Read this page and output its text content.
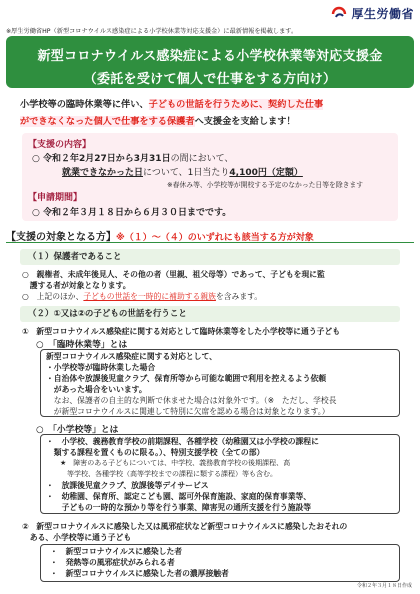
厚生労働省
※厚生労働省HP（新型コロナウイルス感染症による小学校休業等対応支援金）に最新情報を掲載します。
新型コロナウイルス感染症による小学校休業等対応支援金
（委託を受けて個人で仕事をする方向け）
小学校等の臨時休業等に伴い、子どもの世話を行うために、契約した仕事
ができなくなった個人で仕事をする保護者へ支援金を支給します！
【支援の内容】
○ 令和２年2月27日から3月31日の間において、
就業できなかった日について、1日当たり4,100円（定額）
※春休み等、小学校等が開校する予定のなかった日等を除きます
【申請期間】
○ 令和２年３月１８日から６月３０日までです。
【支援の対象となる方】※（１）～（４）のいずれにも該当する方が対象
（１）保護者であること
○　親権者、未成年後見人、その他の者（里親、祖父母等）であって、子どもを現に監
　護する者が対象となります。
○　上記のほか、子どもの世話を一時的に補助する親族を含みます。
（２）①又は②の子どもの世話を行うこと
①　新型コロナウイルス感染症に関する対応として臨時休業等をした小学校等に通う子ども
○　「臨時休業等」とは
新型コロナウイルス感染症に関する対応として、
・小学校等が臨時休業した場合
・自治体や放課後児童クラブ、保育所等から可能な範囲で利用を控えるよう依頼
　があった場合をいいます。
　なお、保護者の自主的な判断で休ませた場合は対象外です。（※　ただし、学校長
　が新型コロナウイルスに関連して特別に欠席を認める場合は対象となります。）
○　「小学校等」とは
・　小学校、義務教育学校の前期課程、各種学校（幼稚園又は小学校の課程に
　類する課程を置くものに限る。）、特別支援学校（全ての部）
　　★　障害のある子どもについては、中学校、義務教育学校の後期課程、高
　　　等学校、各種学校（高等学校までの課程に類する課程）等も含む。
・　放課後児童クラブ、放課後等デイサービス
・　幼稚園、保育所、認定こども園、認可外保育施設、家庭的保育事業等、
　　子どもの一時的な預かり等を行う事業、障害児の通所支援を行う施設等
②　新型コロナウイルスに感染した又は風邪症状など新型コロナウイルスに感染したおそれの
　ある、小学校等に通う子ども
・　新型コロナウイルスに感染した者
・　発熱等の風邪症状がみられる者
・　新型コロナウイルスに感染した者の濃厚接触者
令和２年３月１８日作成
